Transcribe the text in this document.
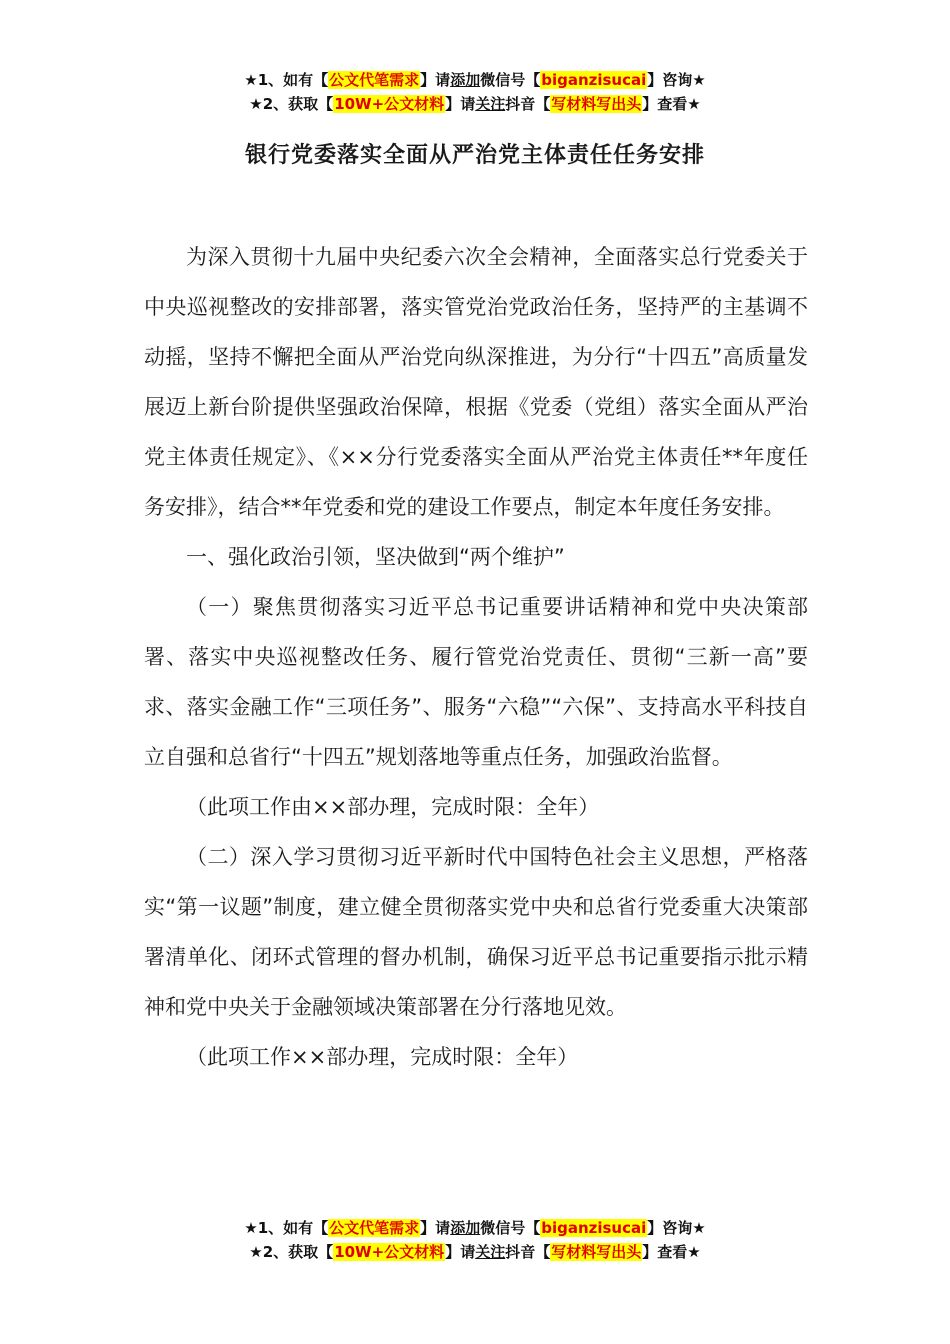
★1、如有【公文代笔需求】请添加微信号【biganzisucai】咨询★
★2、获取【10W+公文材料】请关注抖音【写材料写出头】查看★
银行党委落实全面从严治党主体责任任务安排

为深入贯彻十九届中央纪委六次全会精神，全面落实总行党委关于中央巡视整改的安排部署，落实管党治党政治任务，坚持严的主基调不动摇，坚持不懈把全面从严治党向纵深推进，为分行“十四五”高质量发展迈上新台阶提供坚强政治保障，根据《党委（党组）落实全面从严治党主体责任规定》、《××分行党委落实全面从严治党主体责任**年度任务安排》，结合**年党委和党的建设工作要点，制定本年度任务安排。

一、强化政治引领，坚决做到“两个维护”

（一）聚焦贯彻落实习近平总书记重要讲话精神和党中央决策部署、落实中央巡视整改任务、履行管党治党责任、贯彻“三新一高”要求、落实金融工作“三项任务”、服务“六稳”“六保”、支持高水平科技自立自强和总省行“十四五”规划落地等重点任务，加强政治监督。

（此项工作由××部办理，完成时限：全年）

（二）深入学习贯彻习近平新时代中国特色社会主义思想，严格落实“第一议题”制度，建立健全贯彻落实党中央和总省行党委重大决策部署清单化、闭环式管理的督办机制，确保习近平总书记重要指示批示精神和党中央关于金融领域决策部署在分行落地见效。

（此项工作××部办理，完成时限：全年）

★1、如有【公文代笔需求】请添加微信号【biganzisucai】咨询★
★2、获取【10W+公文材料】请关注抖音【写材料写出头】查看★
